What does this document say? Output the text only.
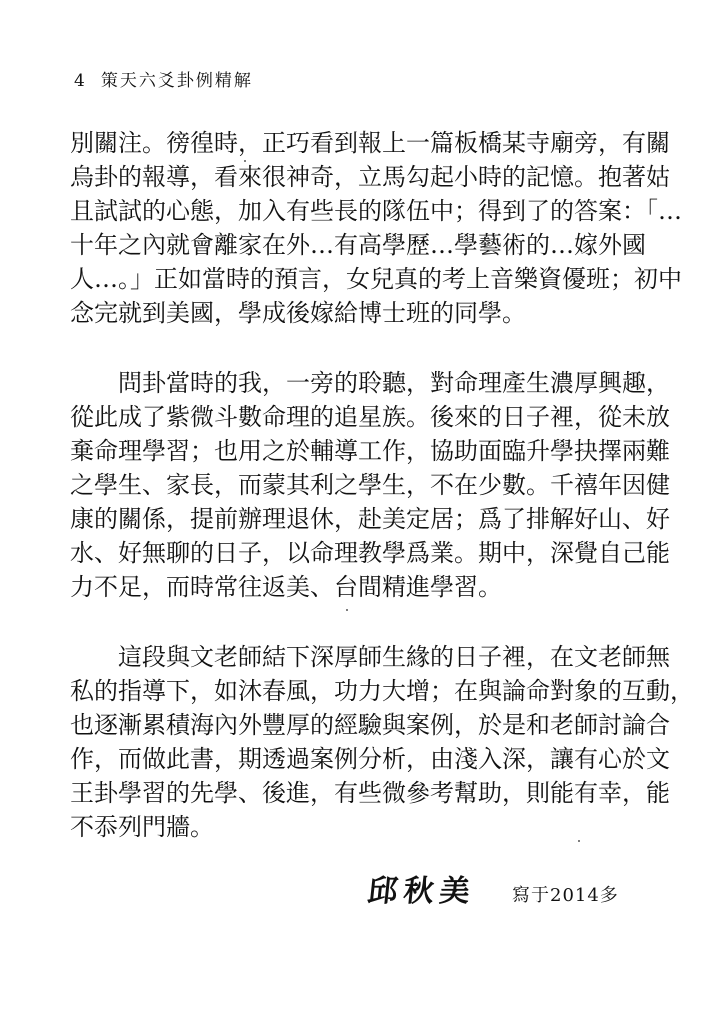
4 策天六爻卦例精解
別關注。徬徨時，正巧看到報上一篇板橋某寺廟旁，有關
烏卦的報導，看來很神奇，立馬勾起小時的記憶。抱著姑
且試試的心態，加入有些長的隊伍中；得到了的答案：「…
十年之內就會離家在外…有高學歷…學藝術的…嫁外國
人…。」正如當時的預言，女兒真的考上音樂資優班；初中
念完就到美國，學成後嫁給博士班的同學。
問卦當時的我，一旁的聆聽，對命理產生濃厚興趣，
從此成了紫微斗數命理的追星族。後來的日子裡，從未放
棄命理學習；也用之於輔導工作，協助面臨升學抉擇兩難
之學生、家長，而蒙其利之學生，不在少數。千禧年因健
康的關係，提前辦理退休，赴美定居；爲了排解好山、好
水、好無聊的日子，以命理教學爲業。期中，深覺自己能
力不足，而時常往返美、台間精進學習。
這段與文老師結下深厚師生緣的日子裡，在文老師無
私的指導下，如沐春風，功力大增；在與論命對象的互動，
也逐漸累積海內外豐厚的經驗與案例，於是和老師討論合
作，而做此書，期透過案例分析，由淺入深，讓有心於文
王卦學習的先學、後進，有些微參考幫助，則能有幸，能
不忝列門牆。
邱秋美 寫于2014多
